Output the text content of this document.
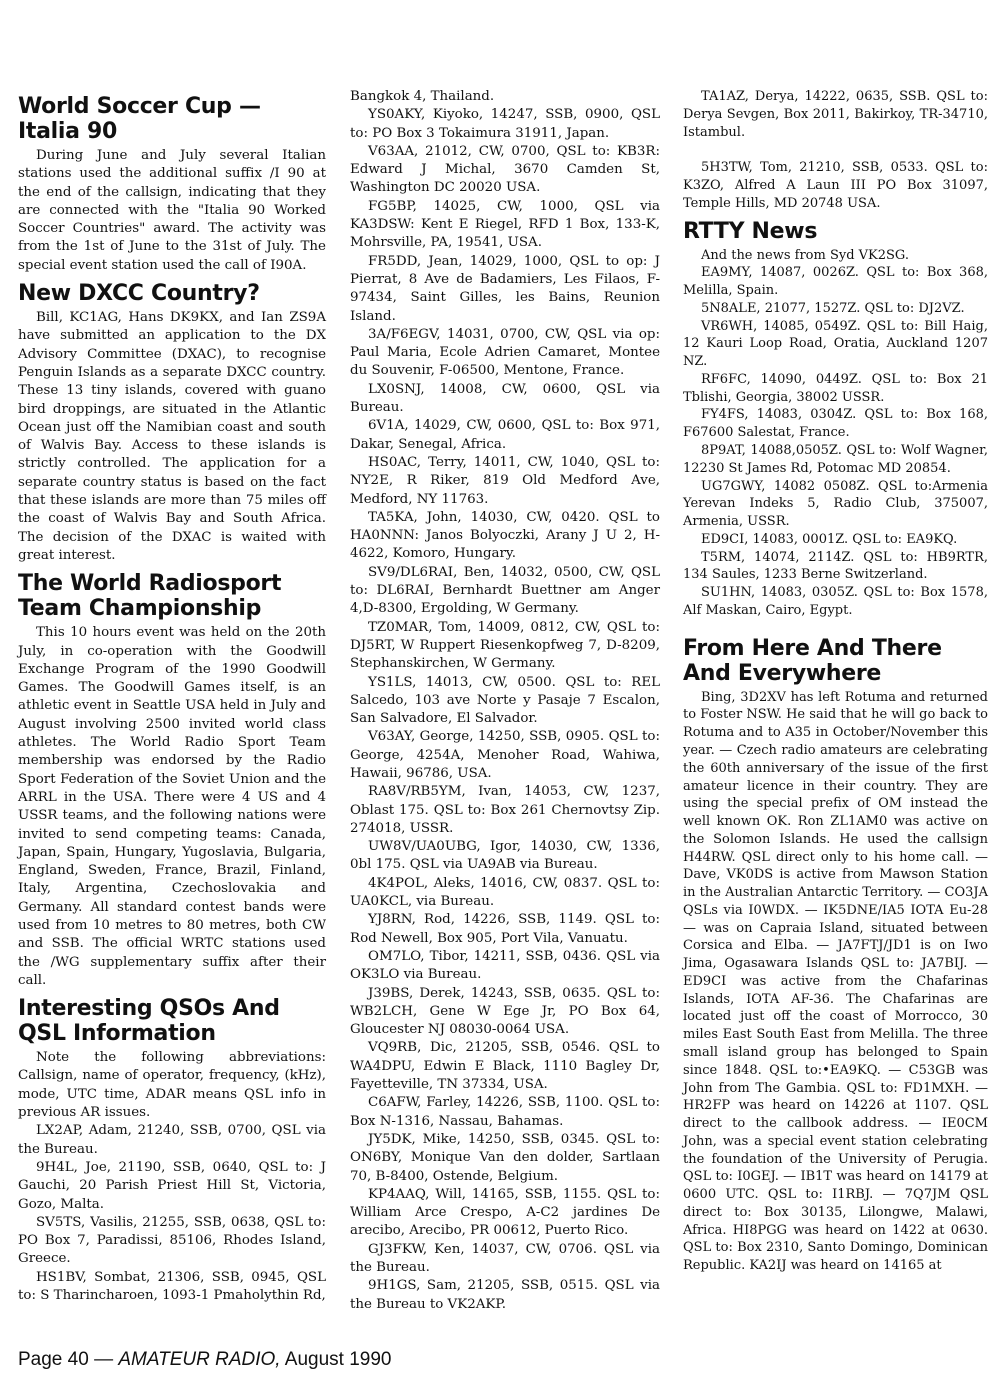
World Soccer Cup — Italia 90

During June and July several Italian stations used the additional suffix /I 90 at the end of the callsign, indicating that they are connected with the "Italia 90 Worked Soccer Countries" award. The activity was from the 1st of June to the 31st of July. The special event station used the call of I90A.

New DXCC Country?

Bill, KC1AG, Hans DK9KX, and Ian ZS9A have submitted an application to the DX Advisory Committee (DXAC), to recognise Penguin Islands as a separate DXCC country. These 13 tiny islands, covered with guano bird droppings, are situated in the Atlantic Ocean just off the Namibian coast and south of Walvis Bay. Access to these islands is strictly controlled. The application for a separate country status is based on the fact that these islands are more than 75 miles off the coast of Walvis Bay and South Africa. The decision of the DXAC is waited with great interest.

The World Radiosport Team Championship

This 10 hours event was held on the 20th July, in co-operation with the Goodwill Exchange Program of the 1990 Goodwill Games. The Goodwill Games itself, is an athletic event in Seattle USA held in July and August involving 2500 invited world class athletes. The World Radio Sport Team membership was endorsed by the Radio Sport Federation of the Soviet Union and the ARRL in the USA. There were 4 US and 4 USSR teams, and the following nations were invited to send competing teams: Canada, Japan, Spain, Hungary, Yugoslavia, Bulgaria, England, Sweden, France, Brazil, Finland, Italy, Argentina, Czechoslovakia and Germany. All standard contest bands were used from 10 metres to 80 metres, both CW and SSB. The official WRTC stations used the /WG supplementary suffix after their call.

Interesting QSOs And QSL Information

Note the following abbreviations: Callsign, name of operator, frequency, (kHz), mode, UTC time, ADAR means QSL info in previous AR issues.

LX2AP, Adam, 21240, SSB, 0700, QSL via the Bureau.

9H4L, Joe, 21190, SSB, 0640, QSL to: J Gauchi, 20 Parish Priest Hill St, Victoria, Gozo, Malta.

SV5TS, Vasilis, 21255, SSB, 0638, QSL to: PO Box 7, Paradissi, 85106, Rhodes Island, Greece.

HS1BV, Sombat, 21306, SSB, 0945, QSL to: S Tharincharoen, 1093-1 Pmaholythin Rd,

Bangkok 4, Thailand.

YS0AKY, Kiyoko, 14247, SSB, 0900, QSL to: PO Box 3 Tokaimura 31911, Japan.

V63AA, 21012, CW, 0700, QSL to: KB3R: Edward J Michal, 3670 Camden St, Washington DC 20020 USA.

FG5BP, 14025, CW, 1000, QSL via KA3DSW: Kent E Riegel, RFD 1 Box, 133-K, Mohrsville, PA, 19541, USA.

FR5DD, Jean, 14029, 1000, QSL to op: J Pierrat, 8 Ave de Badamiers, Les Filaos, F-97434, Saint Gilles, les Bains, Reunion Island.

3A/F6EGV, 14031, 0700, CW, QSL via op: Paul Maria, Ecole Adrien Camaret, Montee du Souvenir, F-06500, Mentone, France.

LX0SNJ, 14008, CW, 0600, QSL via Bureau.

6V1A, 14029, CW, 0600, QSL to: Box 971, Dakar, Senegal, Africa.

HS0AC, Terry, 14011, CW, 1040, QSL to: NY2E, R Riker, 819 Old Medford Ave, Medford, NY 11763.

TA5KA, John, 14030, CW, 0420. QSL to HA0NNN: Janos Bolyoczki, Arany J U 2, H-4622, Komoro, Hungary.

SV9/DL6RAI, Ben, 14032, 0500, CW, QSL to: DL6RAI, Bernhardt Buettner am Anger 4,D-8300, Ergolding, W Germany.

TZ0MAR, Tom, 14009, 0812, CW, QSL to: DJ5RT, W Ruppert Riesenkopfweg 7, D-8209, Stephanskirchen, W Germany.

YS1LS, 14013, CW, 0500. QSL to: REL Salcedo, 103 ave Norte y Pasaje 7 Escalon, San Salvadore, El Salvador.

V63AY, George, 14250, SSB, 0905. QSL to: George, 4254A, Menoher Road, Wahiwa, Hawaii, 96786, USA.

RA8V/RB5YM, Ivan, 14053, CW, 1237, Oblast 175. QSL to: Box 261 Chernovtsy Zip. 274018, USSR.

UW8V/UA0UBG, Igor, 14030, CW, 1336, 0bl 175. QSL via UA9AB via Bureau.

4K4POL, Aleks, 14016, CW, 0837. QSL to: UA0KCL, via Bureau.

YJ8RN, Rod, 14226, SSB, 1149. QSL to: Rod Newell, Box 905, Port Vila, Vanuatu.

OM7LO, Tibor, 14211, SSB, 0436. QSL via OK3LO via Bureau.

J39BS, Derek, 14243, SSB, 0635. QSL to: WB2LCH, Gene W Ege Jr, PO Box 64, Gloucester NJ 08030-0064 USA.

VQ9RB, Dic, 21205, SSB, 0546. QSL to WA4DPU, Edwin E Black, 1110 Bagley Dr, Fayetteville, TN 37334, USA.

C6AFW, Farley, 14226, SSB, 1100. QSL to: Box N-1316, Nassau, Bahamas.

JY5DK, Mike, 14250, SSB, 0345. QSL to: ON6BY, Monique Van den dolder, Sartlaan 70, B-8400, Ostende, Belgium.

KP4AAQ, Will, 14165, SSB, 1155. QSL to: William Arce Crespo, A-C2 jardines De arecibo, Arecibo, PR 00612, Puerto Rico.

GJ3FKW, Ken, 14037, CW, 0706. QSL via the Bureau.

9H1GS, Sam, 21205, SSB, 0515. QSL via the Bureau to VK2AKP.

TA1AZ, Derya, 14222, 0635, SSB. QSL to: Derya Sevgen, Box 2011, Bakirkoy, TR-34710, Istambul.

5H3TW, Tom, 21210, SSB, 0533. QSL to: K3ZO, Alfred A Laun III PO Box 31097, Temple Hills, MD 20748 USA.

RTTY News

And the news from Syd VK2SG.

EA9MY, 14087, 0026Z. QSL to: Box 368, Melilla, Spain.

5N8ALE, 21077, 1527Z. QSL to: DJ2VZ.

VR6WH, 14085, 0549Z. QSL to: Bill Haig, 12 Kauri Loop Road, Oratia, Auckland 1207 NZ.

RF6FC, 14090, 0449Z. QSL to: Box 21 Tblishi, Georgia, 38002 USSR.

FY4FS, 14083, 0304Z. QSL to: Box 168, F67600 Salestat, France.

8P9AT, 14088,0505Z. QSL to: Wolf Wagner, 12230 St James Rd, Potomac MD 20854.

UG7GWY, 14082 0508Z. QSL to:Armenia Yerevan Indeks 5, Radio Club, 375007, Armenia, USSR.

ED9CI, 14083, 0001Z. QSL to: EA9KQ.

T5RM, 14074, 2114Z. QSL to: HB9RTR, 134 Saules, 1233 Berne Switzerland.

SU1HN, 14083, 0305Z. QSL to: Box 1578, Alf Maskan, Cairo, Egypt.

From Here And There And Everywhere

Bing, 3D2XV has left Rotuma and returned to Foster NSW. He said that he will go back to Rotuma and to A35 in October/November this year. — Czech radio amateurs are celebrating the 60th anniversary of the issue of the first amateur licence in their country. They are using the special prefix of OM instead the well known OK. Ron ZL1AM0 was active on the Solomon Islands. He used the callsign H44RW. QSL direct only to his home call. — Dave, VK0DS is active from Mawson Station in the Australian Antarctic Territory. — CO3JA QSLs via I0WDX. — IK5DNE/IA5 IOTA Eu-28 — was on Capraia Island, situated between Corsica and Elba. — JA7FTJ/JD1 is on Iwo Jima, Ogasawara Islands QSL to: JA7BIJ. — ED9CI was active from the Chafarinas Islands, IOTA AF-36. The Chafarinas are located just off the coast of Morrocco, 30 miles East South East from Melilla. The three small island group has belonged to Spain since 1848. QSL to:•EA9KQ. — C53GB was John from The Gambia. QSL to: FD1MXH. — HR2FP was heard on 14226 at 1107. QSL direct to the callbook address. — IE0CM John, was a special event station celebrating the foundation of the University of Perugia. QSL to: I0GEJ. — IB1T was heard on 14179 at 0600 UTC. QSL to: I1RBJ. — 7Q7JM QSL direct to: Box 30135, Lilongwe, Malawi, Africa. HI8PGG was heard on 1422 at 0630. QSL to: Box 2310, Santo Domingo, Dominican Republic. KA2IJ was heard on 14165 at

Page 40 — AMATEUR RADIO, August 1990
